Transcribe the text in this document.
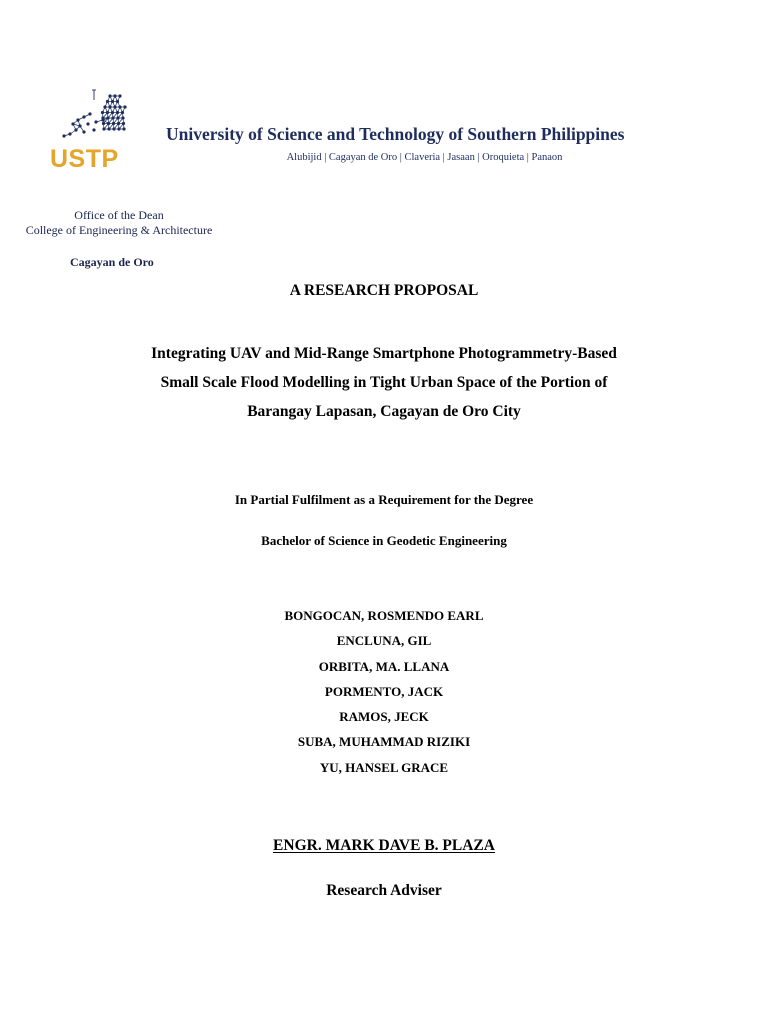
USTP
University of Science and Technology of Southern Philippines
Alubijid | Cagayan de Oro | Claveria | Jasaan | Oroquieta | Panaon
Office of the Dean
College of Engineering & Architecture
Cagayan de Oro
A RESEARCH PROPOSAL
Integrating UAV and Mid-Range Smartphone Photogrammetry-Based
Small Scale Flood Modelling in Tight Urban Space of the Portion of
Barangay Lapasan, Cagayan de Oro City
In Partial Fulfilment as a Requirement for the Degree
Bachelor of Science in Geodetic Engineering
BONGOCAN, ROSMENDO EARL
ENCLUNA, GIL
ORBITA, MA. LLANA
PORMENTO, JACK
RAMOS, JECK
SUBA, MUHAMMAD RIZIKI
YU, HANSEL GRACE
ENGR. MARK DAVE B. PLAZA
Research Adviser
